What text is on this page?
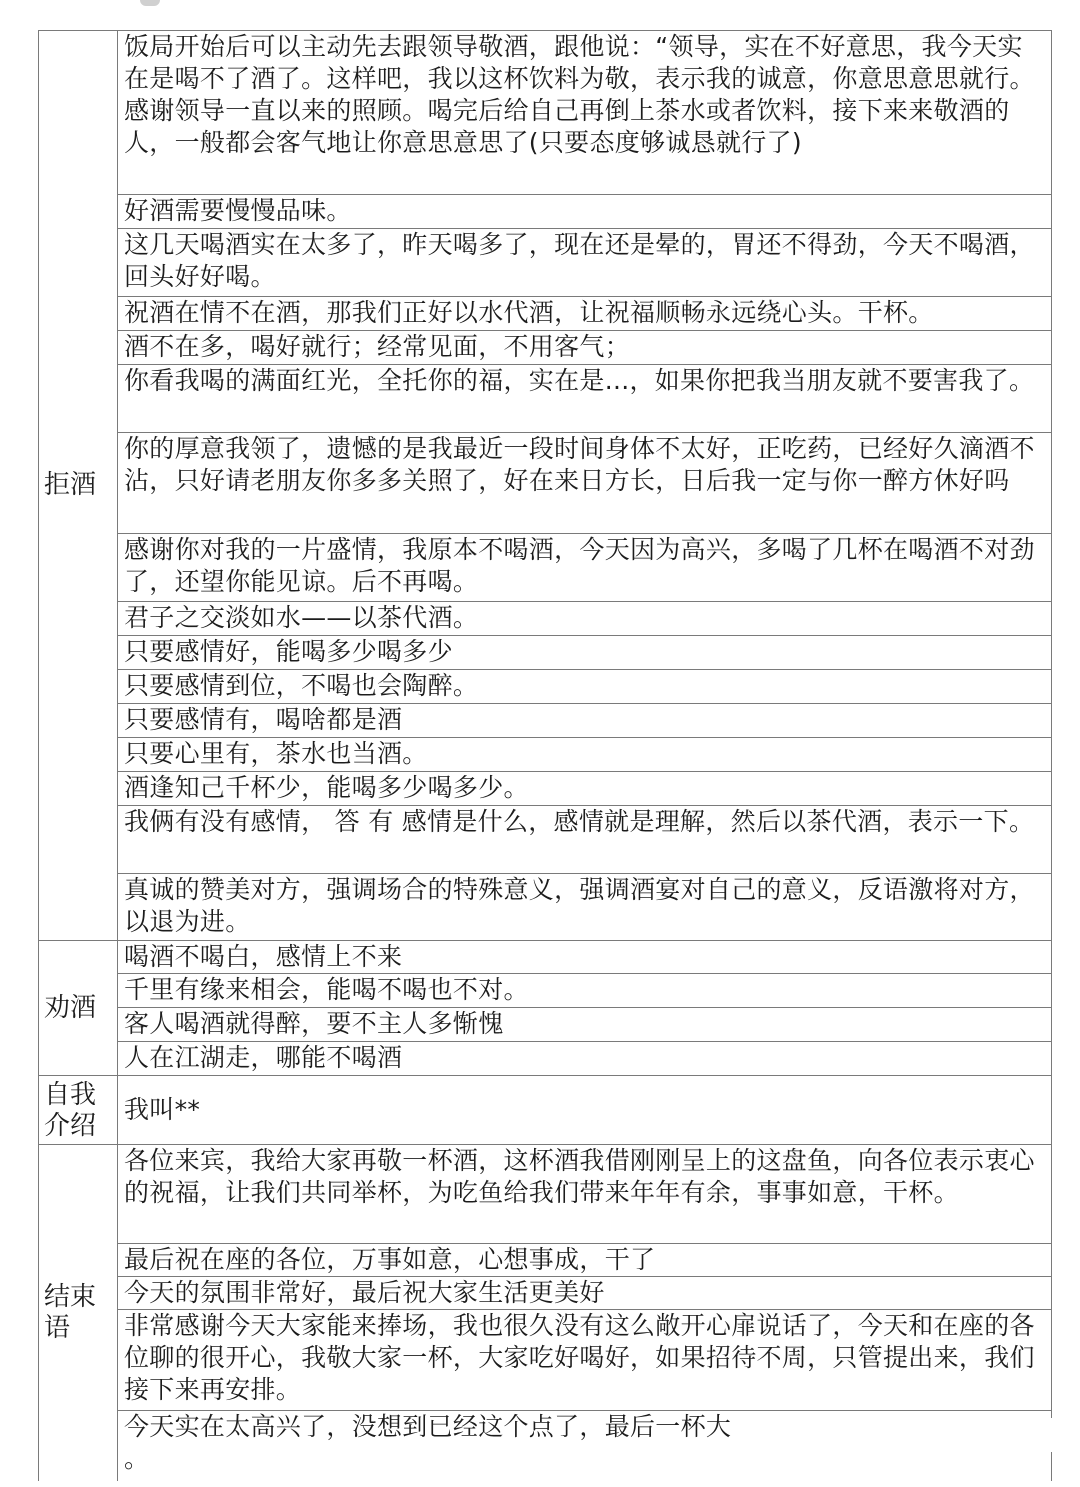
拒酒
饭局开始后可以主动先去跟领导敬酒，跟他说：“领导，实在不好意思，我今天实在是喝不了酒了。这样吧，我以这杯饮料为敬，表示我的诚意，你意思意思就行。感谢领导一直以来的照顾。喝完后给自己再倒上茶水或者饮料，接下来来敬酒的人，一般都会客气地让你意思意思了(只要态度够诚恳就行了)
好酒需要慢慢品味。
这几天喝酒实在太多了，昨天喝多了，现在还是晕的，胃还不得劲，今天不喝酒，回头好好喝。
祝酒在情不在酒，那我们正好以水代酒，让祝福顺畅永远绕心头。干杯。
酒不在多，喝好就行；经常见面，不用客气；
你看我喝的满面红光，全托你的福，实在是...，如果你把我当朋友就不要害我了。
你的厚意我领了，遗憾的是我最近一段时间身体不太好，正吃药，已经好久滴酒不沾，只好请老朋友你多多关照了，好在来日方长，日后我一定与你一醉方休好吗
感谢你对我的一片盛情，我原本不喝酒，今天因为高兴，多喝了几杯在喝酒不对劲了，还望你能见谅。后不再喝。
君子之交淡如水——以茶代酒。
只要感情好，能喝多少喝多少
只要感情到位，不喝也会陶醉。
只要感情有，喝啥都是酒
只要心里有，茶水也当酒。
酒逢知己千杯少，能喝多少喝多少。
我俩有没有感情， 答 有 感情是什么，感情就是理解，然后以茶代酒，表示一下。
真诚的赞美对方，强调场合的特殊意义，强调酒宴对自己的意义，反语激将对方，以退为进。
劝酒
喝酒不喝白，感情上不来
千里有缘来相会，能喝不喝也不对。
客人喝酒就得醉，要不主人多惭愧
人在江湖走，哪能不喝酒
自我介绍
我叫**
结束语
各位来宾，我给大家再敬一杯酒，这杯酒我借刚刚呈上的这盘鱼，向各位表示衷心的祝福，让我们共同举杯，为吃鱼给我们带来年年有余，事事如意，干杯。
最后祝在座的各位，万事如意，心想事成，干了
今天的氛围非常好，最后祝大家生活更美好
非常感谢今天大家能来捧场，我也很久没有这么敞开心扉说话了，今天和在座的各位聊的很开心，我敬大家一杯，大家吃好喝好，如果招待不周，只管提出来，我们接下来再安排。
今天实在太高兴了，没想到已经这个点了，最后一杯大
。
